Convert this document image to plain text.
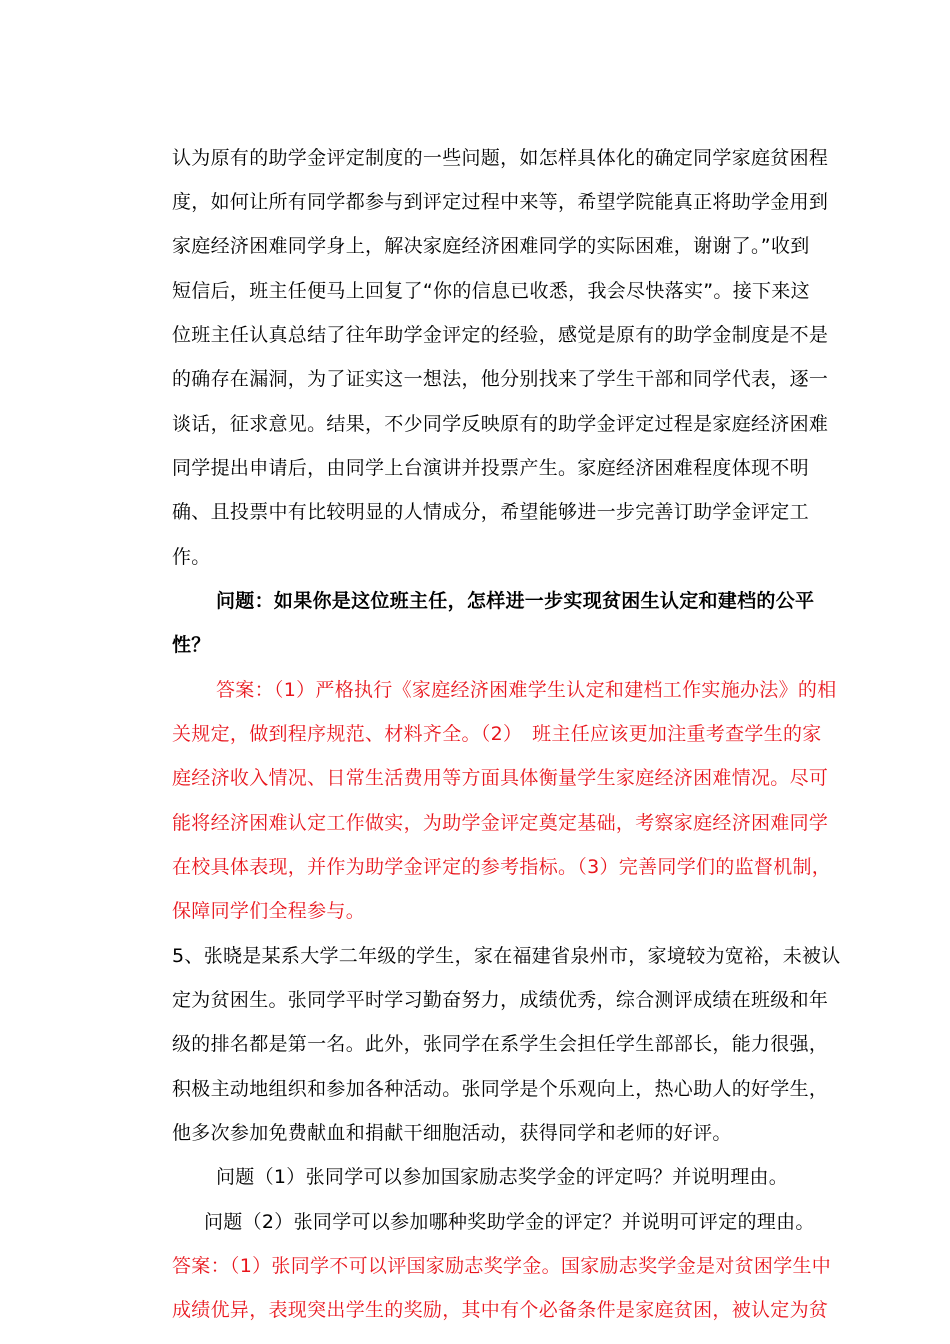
认为原有的助学金评定制度的一些问题，如怎样具体化的确定同学家庭贫困程
度，如何让所有同学都参与到评定过程中来等，希望学院能真正将助学金用到
家庭经济困难同学身上，解决家庭经济困难同学的实际困难，谢谢了。”收到
短信后，班主任便马上回复了“你的信息已收悉，我会尽快落实”。接下来这
位班主任认真总结了往年助学金评定的经验，感觉是原有的助学金制度是不是
的确存在漏洞，为了证实这一想法，他分别找来了学生干部和同学代表，逐一
谈话，征求意见。结果，不少同学反映原有的助学金评定过程是家庭经济困难
同学提出申请后，由同学上台演讲并投票产生。家庭经济困难程度体现不明
确、且投票中有比较明显的人情成分，希望能够进一步完善订助学金评定工
作。
问题：如果你是这位班主任，怎样进一步实现贫困生认定和建档的公平
性？
答案：（1）严格执行《家庭经济困难学生认定和建档工作实施办法》的相
关规定，做到程序规范、材料齐全。（2）　班主任应该更加注重考查学生的家
庭经济收入情况、日常生活费用等方面具体衡量学生家庭经济困难情况。尽可
能将经济困难认定工作做实，为助学金评定奠定基础，考察家庭经济困难同学
在校具体表现，并作为助学金评定的参考指标。（3）完善同学们的监督机制，
保障同学们全程参与。
5、张晓是某系大学二年级的学生，家在福建省泉州市，家境较为宽裕，未被认
定为贫困生。张同学平时学习勤奋努力，成绩优秀，综合测评成绩在班级和年
级的排名都是第一名。此外，张同学在系学生会担任学生部部长，能力很强，
积极主动地组织和参加各种活动。张同学是个乐观向上，热心助人的好学生，
他多次参加免费献血和捐献干细胞活动，获得同学和老师的好评。
问题（1）张同学可以参加国家励志奖学金的评定吗？并说明理由。
问题（2）张同学可以参加哪种奖助学金的评定？并说明可评定的理由。
答案：（1）张同学不可以评国家励志奖学金。国家励志奖学金是对贫困学生中
成绩优异，表现突出学生的奖励，其中有个必备条件是家庭贫困，被认定为贫
